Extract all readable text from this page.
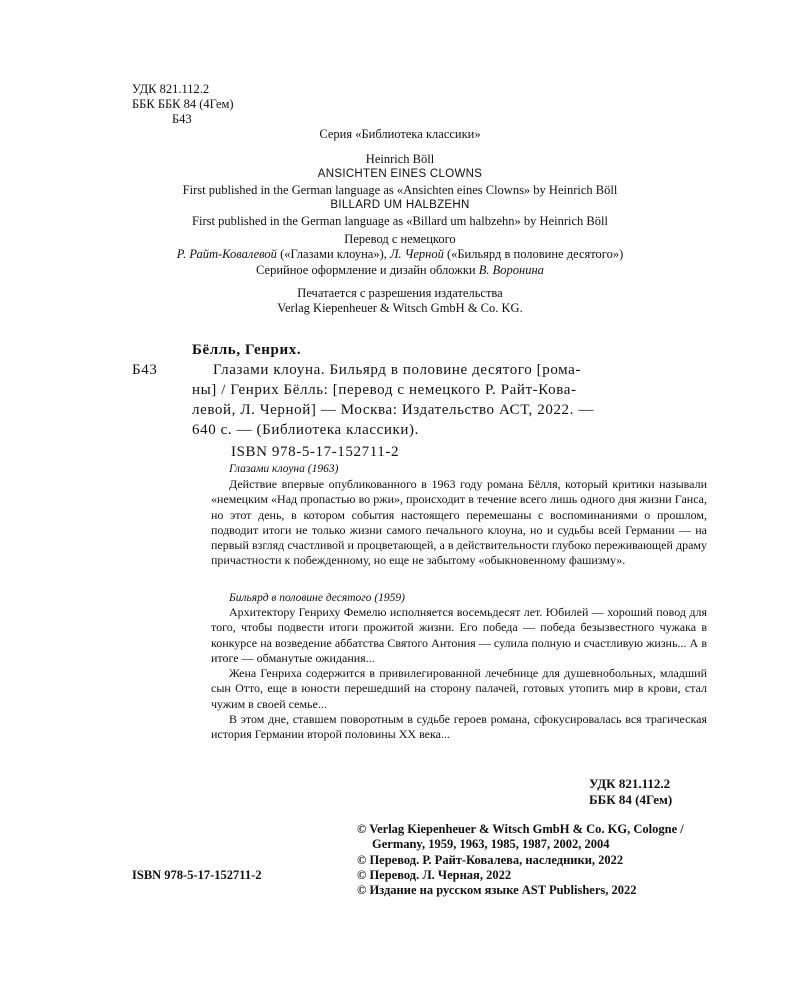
УДК 821.112.2
ББК ББК 84 (4Гем)
Б43
Серия «Библиотека классики»
Heinrich Böll
ANSICHTEN EINES CLOWNS
First published in the German language as «Ansichten eines Clowns» by Heinrich Böll
BILLARD UM HALBZEHN
First published in the German language as «Billard um halbzehn» by Heinrich Böll
Перевод с немецкого
Р. Райт-Ковалевой («Глазами клоуна»), Л. Черной («Бильярд в половине десятого»)
Серийное оформление и дизайн обложки В. Воронина
Печатается с разрешения издательства
Verlag Kiepenheuer & Witsch GmbH & Co. KG.
Бёлль, Генрих.
Б43	Глазами клоуна. Бильярд в половине десятого [рома-
ны] / Генрих Бёлль: [перевод с немецкого Р. Райт-Кова-
левой, Л. Черной] — Москва: Издательство АСТ, 2022. —
640 с. — (Библиотека классики).
ISBN 978-5-17-152711-2
Глазами клоуна (1963)

Действие впервые опубликованного в 1963 году романа Бёлля, который критики называли «немецким «Над пропастью во ржи», происходит в течение всего лишь одного дня жизни Ганса, но этот день, в котором события настоящего перемешаны с воспоминаниями о прошлом, подводит итоги не только жизни самого печального клоуна, но и судьбы всей Германии — на первый взгляд счастливой и процветающей, а в действительности глубоко переживающей драму причастности к побежденному, но еще не забытому «обыкновенному фашизму».

Бильярд в половине десятого (1959)

Архитектору Генриху Фемелю исполняется восемьдесят лет. Юбилей — хороший повод для того, чтобы подвести итоги прожитой жизни. Его победа — победа безызвестного чужака в конкурсе на возведение аббатства Святого Антония — сулила полную и счастливую жизнь... А в итоге — обманутые ожидания...

Жена Генриха содержится в привилегированной лечебнице для душевнобольных, младший сын Отто, еще в юности перешедший на сторону палачей, готовых утопить мир в крови, стал чужим в своей семье...

В этом дне, ставшем поворотным в судьбе героев романа, сфокусировалась вся трагическая история Германии второй половины XX века...

УДК 821.112.2
ББК 84 (4Гем)
ISBN 978-5-17-152711-2
© Verlag Kiepenheuer & Witsch GmbH & Co. KG, Cologne / Germany, 1959, 1963, 1985, 1987, 2002, 2004
© Перевод. Р. Райт-Ковалева, наследники, 2022
© Перевод. Л. Черная, 2022
© Издание на русском языке AST Publishers, 2022
